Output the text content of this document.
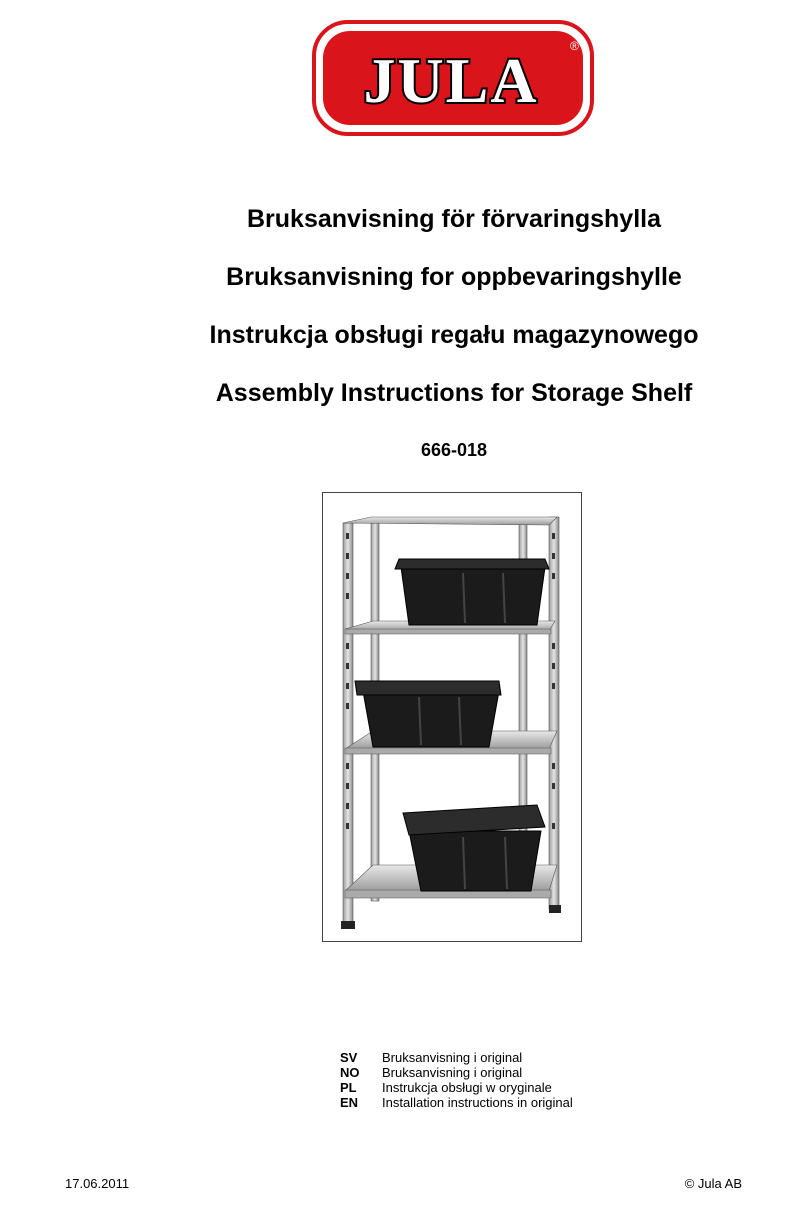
JULA	®
Bruksanvisning för förvaringshylla
Bruksanvisning for oppbevaringshylle
Instrukcja obsługi regału magazynowego
Assembly Instructions for Storage Shelf
666-018
SV	Bruksanvisning i original
NO	Bruksanvisning i original
PL	Instrukcja obsługi w oryginale
EN	Installation instructions in original
17.06.2011	© Jula AB
